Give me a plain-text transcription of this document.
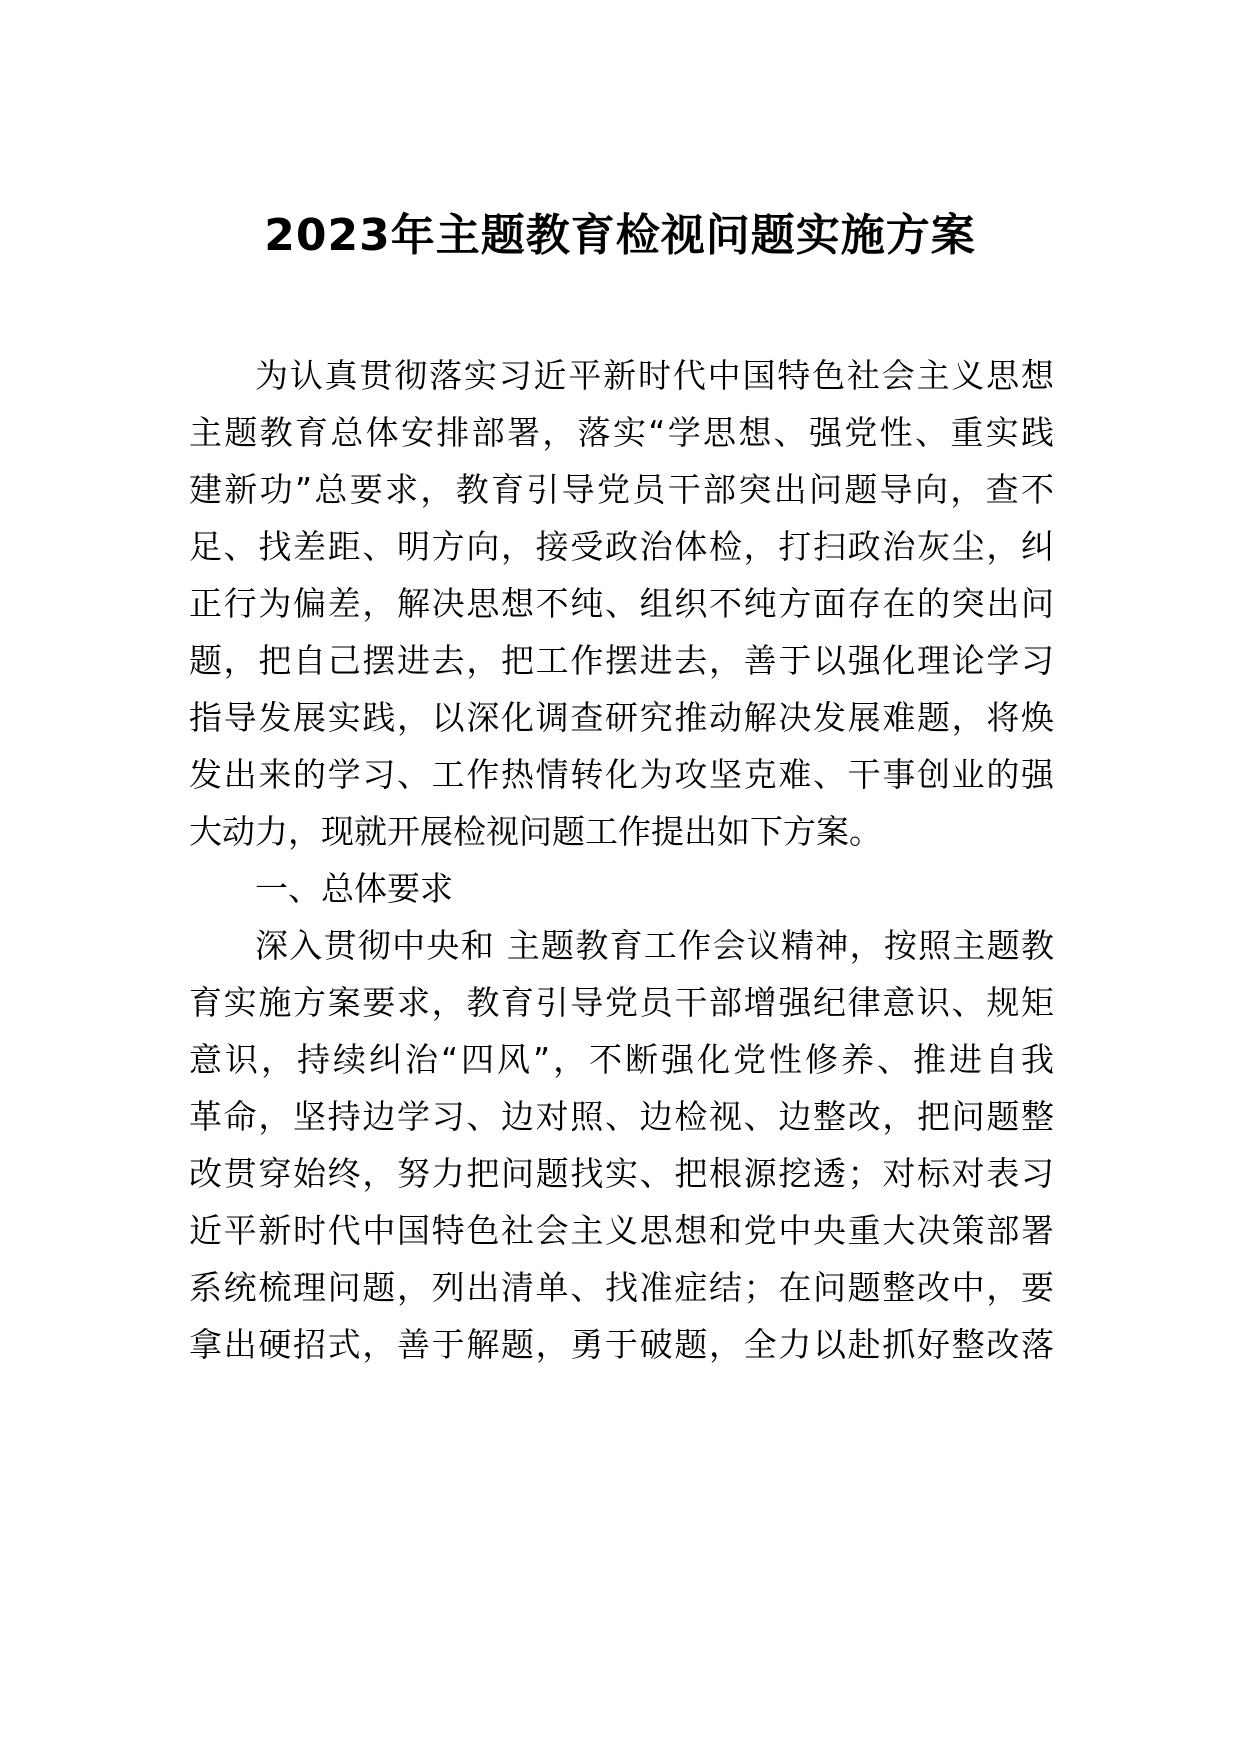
2023年主题教育检视问题实施方案
为认真贯彻落实习近平新时代中国特色社会主义思想
主题教育总体安排部署，落实“学思想、强党性、重实践
建新功”总要求，教育引导党员干部突出问题导向，查不
足、找差距、明方向，接受政治体检，打扫政治灰尘，纠
正行为偏差，解决思想不纯、组织不纯方面存在的突出问
题，把自己摆进去，把工作摆进去，善于以强化理论学习
指导发展实践，以深化调查研究推动解决发展难题，将焕
发出来的学习、工作热情转化为攻坚克难、干事创业的强
大动力，现就开展检视问题工作提出如下方案。
一、总体要求
深入贯彻中央和 主题教育工作会议精神，按照主题教
育实施方案要求，教育引导党员干部增强纪律意识、规矩
意识，持续纠治“四风”，不断强化党性修养、推进自我
革命，坚持边学习、边对照、边检视、边整改，把问题整
改贯穿始终，努力把问题找实、把根源挖透；对标对表习
近平新时代中国特色社会主义思想和党中央重大决策部署
系统梳理问题，列出清单、找准症结；在问题整改中，要
拿出硬招式，善于解题，勇于破题，全力以赴抓好整改落
